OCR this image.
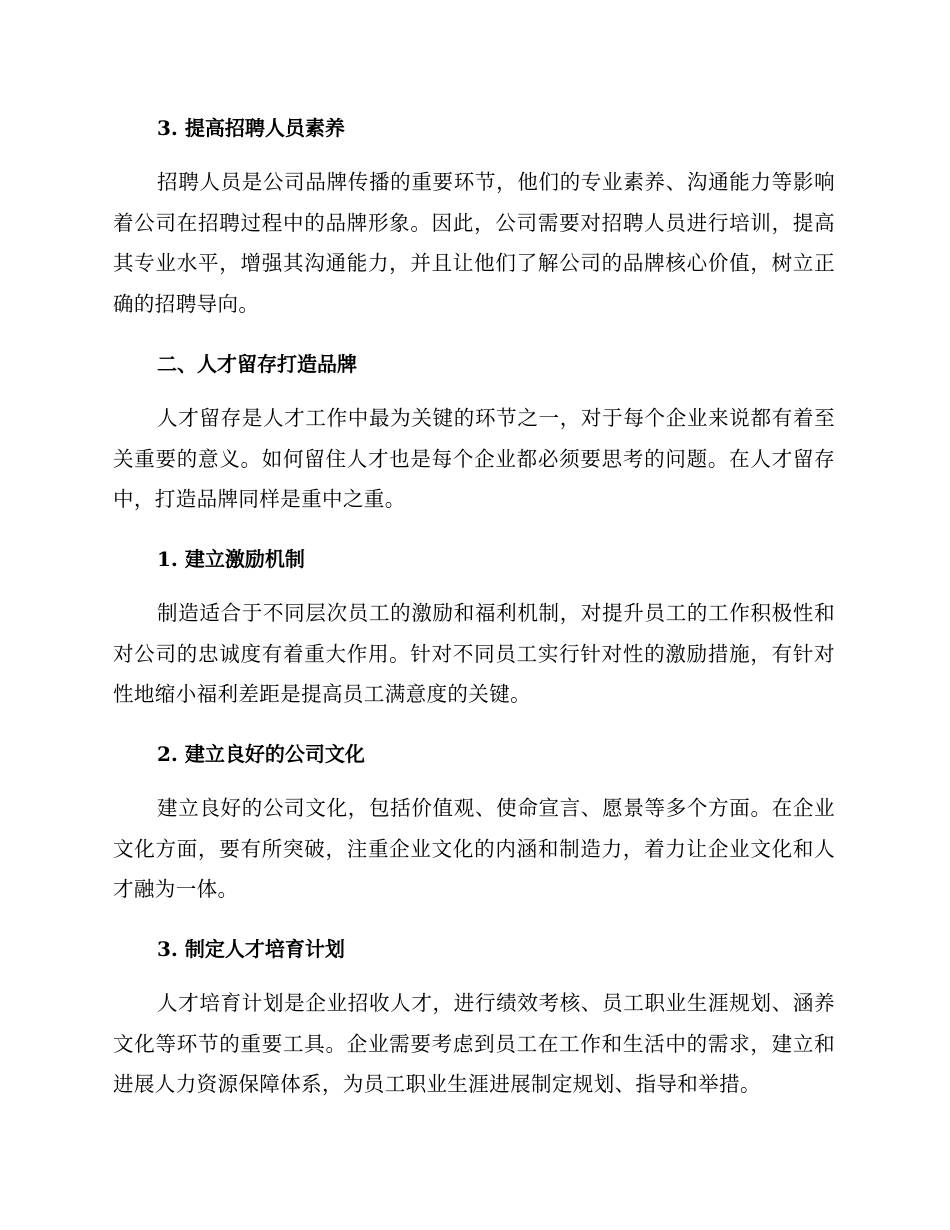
3. 提高招聘人员素养

招聘人员是公司品牌传播的重要环节，他们的专业素养、沟通能力等影响着公司在招聘过程中的品牌形象。因此，公司需要对招聘人员进行培训，提高其专业水平，增强其沟通能力，并且让他们了解公司的品牌核心价值，树立正确的招聘导向。

二、人才留存打造品牌

人才留存是人才工作中最为关键的环节之一，对于每个企业来说都有着至关重要的意义。如何留住人才也是每个企业都必须要思考的问题。在人才留存中，打造品牌同样是重中之重。

1. 建立激励机制

制造适合于不同层次员工的激励和福利机制，对提升员工的工作积极性和对公司的忠诚度有着重大作用。针对不同员工实行针对性的激励措施，有针对性地缩小福利差距是提高员工满意度的关键。

2. 建立良好的公司文化

建立良好的公司文化，包括价值观、使命宣言、愿景等多个方面。在企业文化方面，要有所突破，注重企业文化的内涵和制造力，着力让企业文化和人才融为一体。

3. 制定人才培育计划

人才培育计划是企业招收人才，进行绩效考核、员工职业生涯规划、涵养文化等环节的重要工具。企业需要考虑到员工在工作和生活中的需求，建立和进展人力资源保障体系，为员工职业生涯进展制定规划、指导和举措。
